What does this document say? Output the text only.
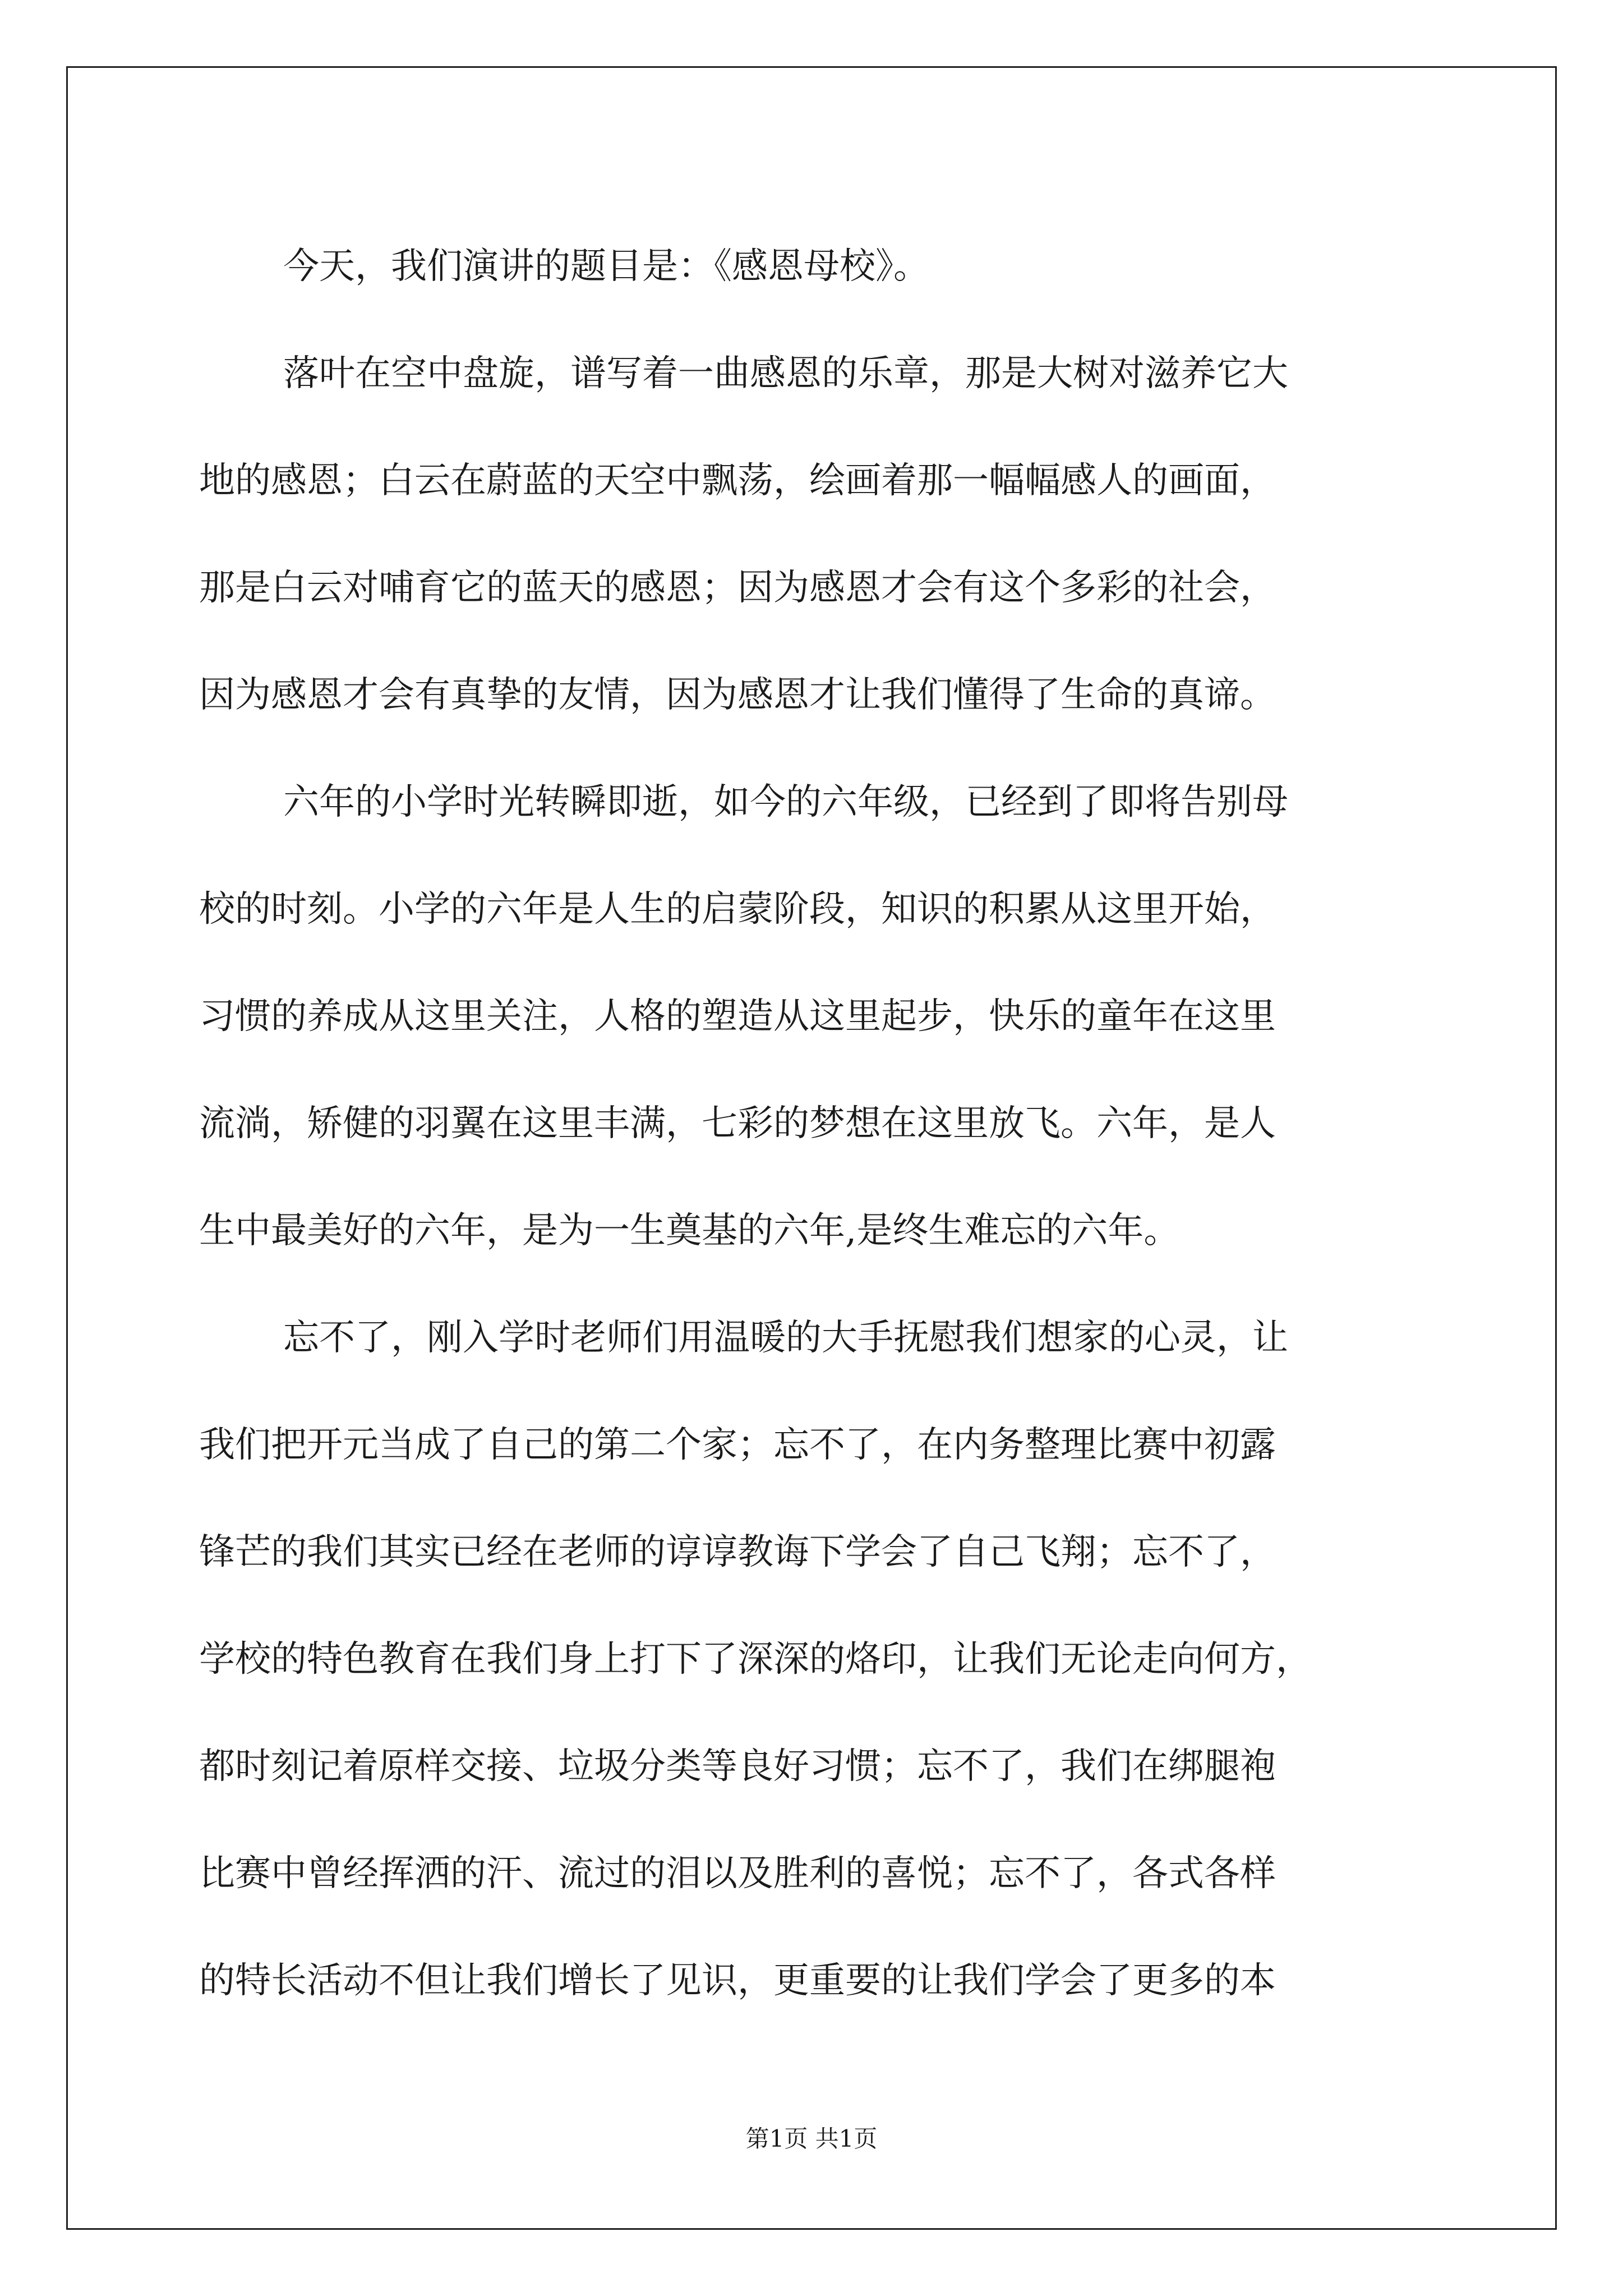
今天，我们演讲的题目是：《感恩母校》。
落叶在空中盘旋，谱写着一曲感恩的乐章，那是大树对滋养它大
地的感恩；白云在蔚蓝的天空中飘荡，绘画着那一幅幅感人的画面，
那是白云对哺育它的蓝天的感恩；因为感恩才会有这个多彩的社会，
因为感恩才会有真挚的友情，因为感恩才让我们懂得了生命的真谛。
六年的小学时光转瞬即逝，如今的六年级，已经到了即将告别母
校的时刻。小学的六年是人生的启蒙阶段，知识的积累从这里开始，
习惯的养成从这里关注，人格的塑造从这里起步，快乐的童年在这里
流淌，矫健的羽翼在这里丰满，七彩的梦想在这里放飞。六年，是人
生中最美好的六年，是为一生奠基的六年,是终生难忘的六年。
忘不了，刚入学时老师们用温暖的大手抚慰我们想家的心灵，让
我们把开元当成了自己的第二个家；忘不了，在内务整理比赛中初露
锋芒的我们其实已经在老师的谆谆教诲下学会了自己飞翔；忘不了，
学校的特色教育在我们身上打下了深深的烙印，让我们无论走向何方，
都时刻记着原样交接、垃圾分类等良好习惯；忘不了，我们在绑腿袍
比赛中曾经挥洒的汗、流过的泪以及胜利的喜悦；忘不了，各式各样
的特长活动不但让我们增长了见识，更重要的让我们学会了更多的本
第1页 共1页
